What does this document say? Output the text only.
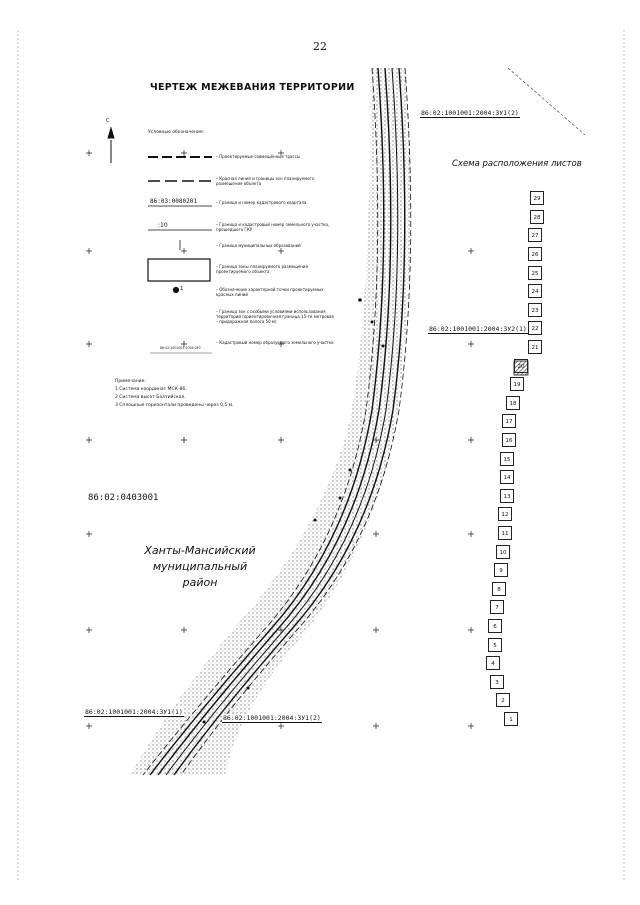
22
ЧЕРТЕЖ МЕЖЕВАНИЯ ТЕРРИТОРИИ
С
Условные обозначения:
– Проектируемые совмещённые трассы
– Красная линия и границы зон планируемого размещения объекта
– Граница и номер кадастрового квартала
– Граница и кадастровый номер земельного участка, прошедшего ГКУ
– Граница муниципальных образований
– Граница зоны планируемого размещения проектируемого объекта
– Обозначение характерной точки проектируемых красных линий
– Граница зон с особыми условиями использования территорий (ориентировочная граница 15-ти метровая – придорожная полоса 50 м)
– Кадастровый номер образуемого земельного участка
86:03:0080201
:10
1
86:02:1001001:2004:ЗУ2
Примечание:
1 Система координат МСК-86.
2 Система высот Балтийская.
3 Сплошные горизонтали проведены через 0,5 м.
86:02:0403001
Ханты-Мансийский муниципальный район
86:02:1001001:2004:ЗУ1(2)
86:02:1001001:2004:ЗУ2(1)
86:02:1001001:2004:ЗУ1(1)
86:02:1001001:2004:ЗУ1(2)
Схема расположения листов
1
2
3
4
5
6
7
8
9
10
11
12
13
14
15
16
17
18
19
20
21
22
23
24
25
26
27
28
29
